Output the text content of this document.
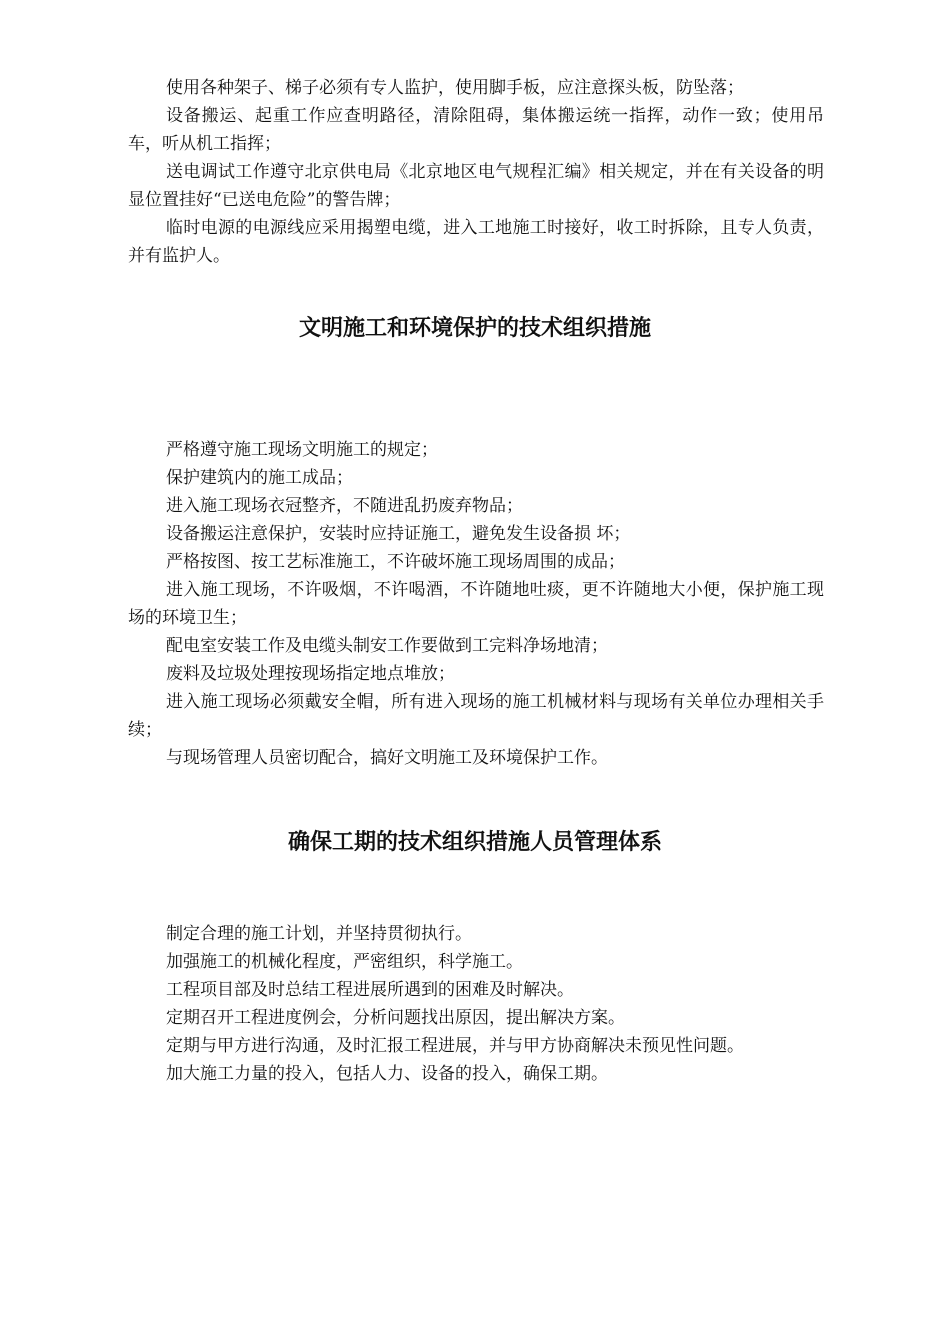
使用各种架子、梯子必须有专人监护，使用脚手板，应注意探头板，防坠落；

设备搬运、起重工作应查明路径，清除阻碍，集体搬运统一指挥，动作一致；使用吊车，听从机工指挥；

送电调试工作遵守北京供电局《北京地区电气规程汇编》相关规定，并在有关设备的明显位置挂好“已送电危险”的警告牌；

临时电源的电源线应采用揭塑电缆，进入工地施工时接好，收工时拆除，且专人负责，并有监护人。

文明施工和环境保护的技术组织措施

严格遵守施工现场文明施工的规定；

保护建筑内的施工成品；

进入施工现场衣冠整齐，不随进乱扔废弃物品；

设备搬运注意保护，安装时应持证施工，避免发生设备损 坏；

严格按图、按工艺标准施工，不许破坏施工现场周围的成品；

进入施工现场，不许吸烟，不许喝酒，不许随地吐痰，更不许随地大小便，保护施工现场的环境卫生；

配电室安装工作及电缆头制安工作要做到工完料净场地清；

废料及垃圾处理按现场指定地点堆放；

进入施工现场必须戴安全帽，所有进入现场的施工机械材料与现场有关单位办理相关手续；

与现场管理人员密切配合，搞好文明施工及环境保护工作。

确保工期的技术组织措施人员管理体系

制定合理的施工计划，并坚持贯彻执行。

加强施工的机械化程度，严密组织，科学施工。

工程项目部及时总结工程进展所遇到的困难及时解决。

定期召开工程进度例会，分析问题找出原因，提出解决方案。

定期与甲方进行沟通，及时汇报工程进展，并与甲方协商解决未预见性问题。

加大施工力量的投入，包括人力、设备的投入，确保工期。
